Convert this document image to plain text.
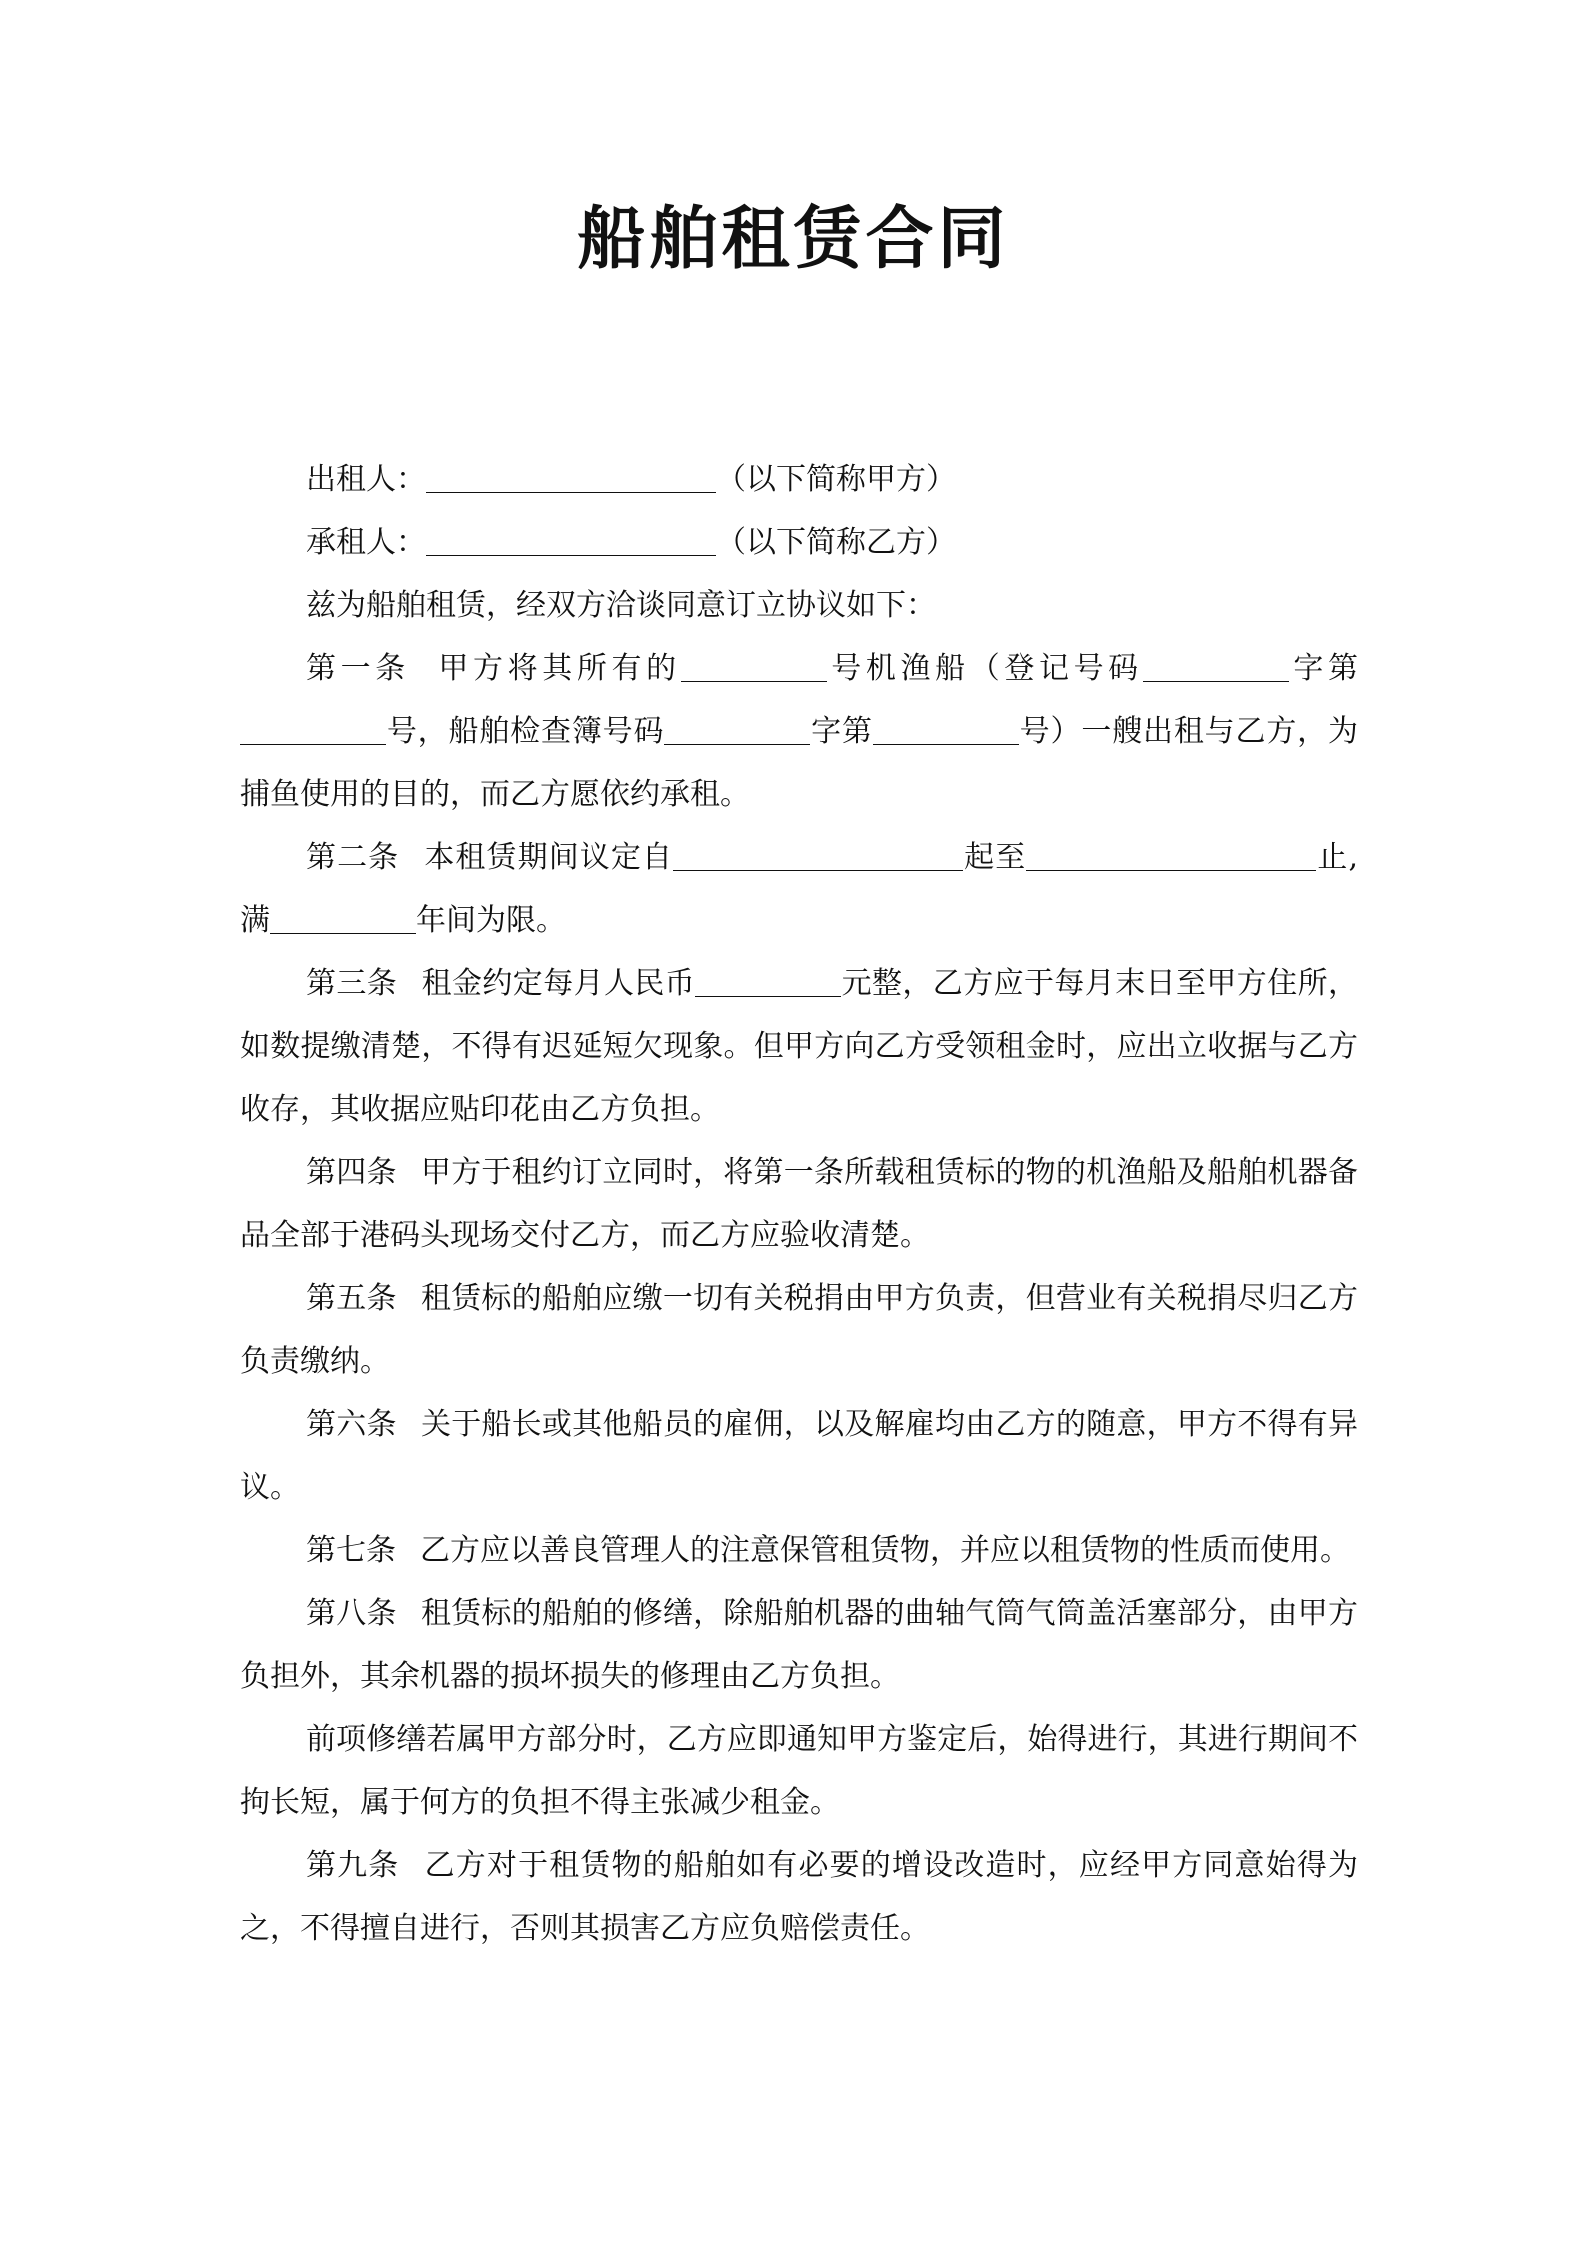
船舶租赁合同

出租人：	（以下简称甲方）

承租人：	（以下简称乙方）

兹为船舶租赁，经双方洽谈同意订立协议如下：

第一条 甲方将其所有的	号机渔船（登记号码	字第号，船舶检查簿号码	字第	号）一艘出租与乙方，为捕鱼使用的目的，而乙方愿依约承租。

第二条 本租赁期间议定自	起至	止,满	年间为限。

第三条 租金约定每月人民币	元整，乙方应于每月末日至甲方住所，如数提缴清楚，不得有迟延短欠现象。但甲方向乙方受领租金时，应出立收据与乙方收存，其收据应贴印花由乙方负担。

第四条 甲方于租约订立同时，将第一条所载租赁标的物的机渔船及船舶机器备品全部于港码头现场交付乙方，而乙方应验收清楚。

第五条 租赁标的船舶应缴一切有关税捐由甲方负责，但营业有关税捐尽归乙方负责缴纳。

第六条 关于船长或其他船员的雇佣，以及解雇均由乙方的随意，甲方不得有异议。

第七条 乙方应以善良管理人的注意保管租赁物，并应以租赁物的性质而使用。

第八条 租赁标的船舶的修缮，除船舶机器的曲轴气筒气筒盖活塞部分，由甲方负担外，其余机器的损坏损失的修理由乙方负担。

前项修缮若属甲方部分时，乙方应即通知甲方鉴定后，始得进行，其进行期间不拘长短，属于何方的负担不得主张减少租金。

第九条 乙方对于租赁物的船舶如有必要的增设改造时，应经甲方同意始得为之，不得擅自进行，否则其损害乙方应负赔偿责任。
